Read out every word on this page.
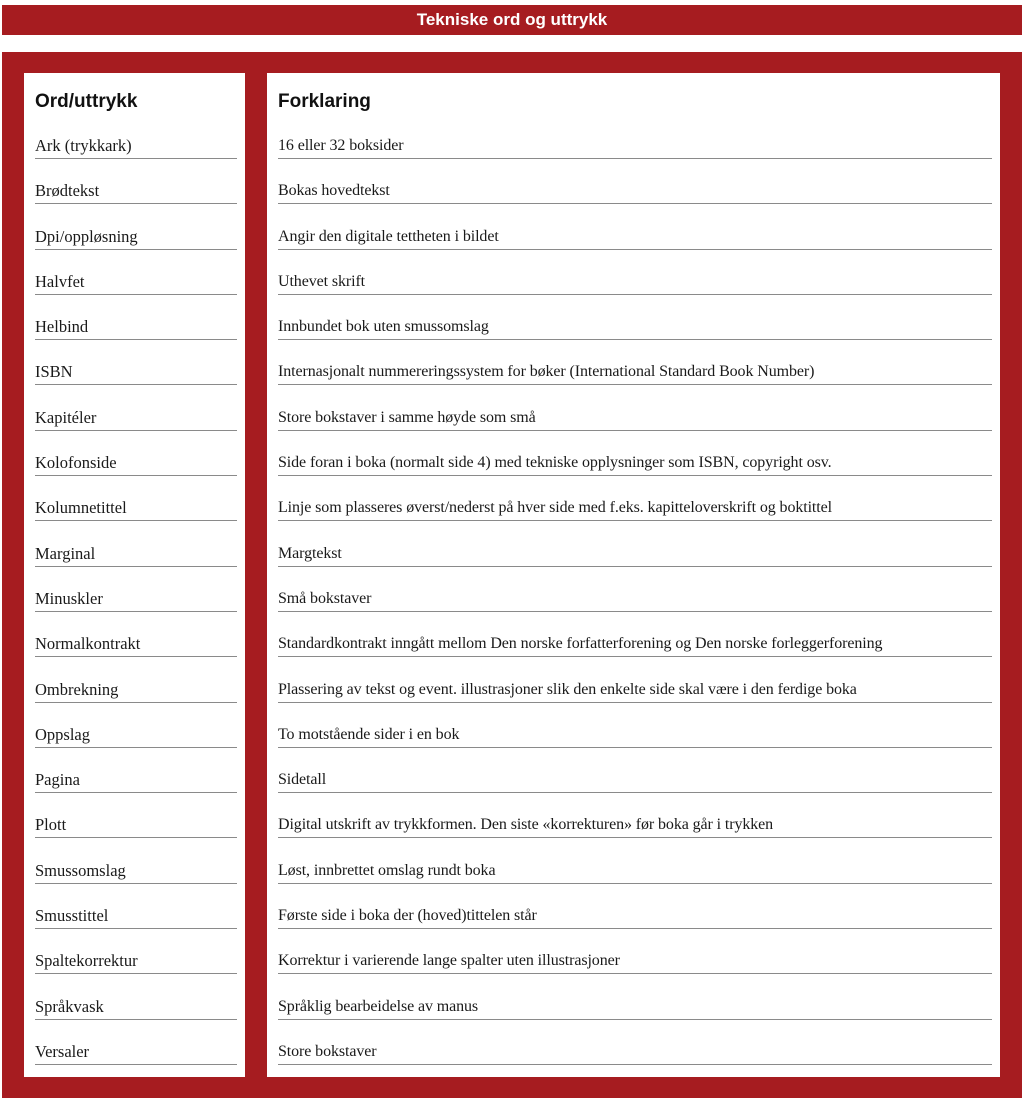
Tekniske ord og uttrykk
Ord/uttrykk
Ark (trykkark)
Brødtekst
Dpi/oppløsning
Halvfet
Helbind
ISBN
Kapitéler
Kolofonside
Kolumnetittel
Marginal
Minuskler
Normalkontrakt
Ombrekning
Oppslag
Pagina
Plott
Smussomslag
Smusstittel
Spaltekorrektur
Språkvask
Versaler
Forklaring
16 eller 32 boksider
Bokas hovedtekst
Angir den digitale tettheten i bildet
Uthevet skrift
Innbundet bok uten smussomslag
Internasjonalt nummereringssystem for bøker (International Standard Book Number)
Store bokstaver i samme høyde som små
Side foran i boka (normalt side 4) med tekniske opplysninger som ISBN, copyright osv.
Linje som plasseres øverst/nederst på hver side med f.eks. kapitteloverskrift og boktittel
Margtekst
Små bokstaver
Standardkontrakt inngått mellom Den norske forfatterforening og Den norske forleggerforening
Plassering av tekst og event. illustrasjoner slik den enkelte side skal være i den ferdige boka
To motstående sider i en bok
Sidetall
Digital utskrift av trykkformen. Den siste «korrekturen» før boka går i trykken
Løst, innbrettet omslag rundt boka
Første side i boka der (hoved)tittelen står
Korrektur i varierende lange spalter uten illustrasjoner
Språklig bearbeidelse av manus
Store bokstaver
